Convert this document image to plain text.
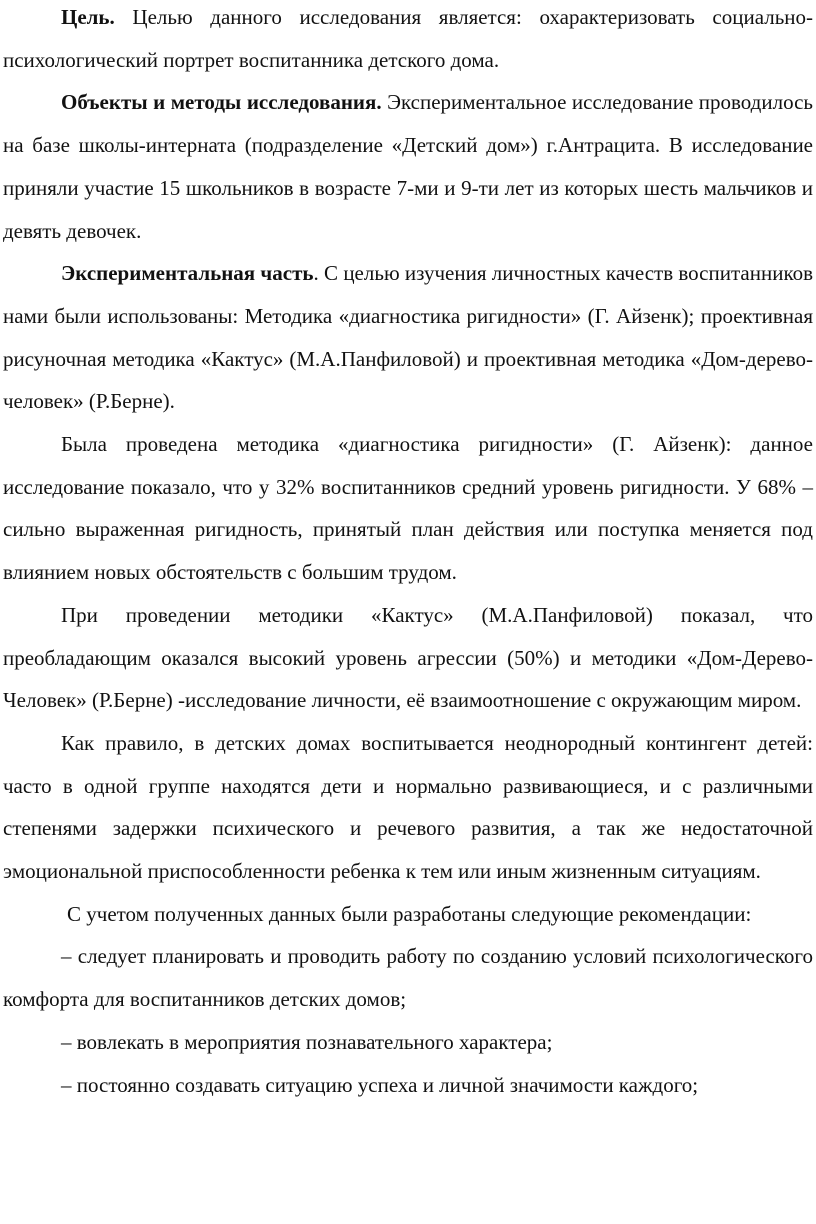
Цель. Целью данного исследования является: охарактеризовать социально-психологический портрет воспитанника детского дома.

Объекты и методы исследования. Экспериментальное исследование проводилось на базе школы-интерната (подразделение «Детский дом») г.Антрацита. В исследование приняли участие 15 школьников в возрасте 7-ми и 9-ти лет из которых шесть мальчиков и девять девочек.

Экспериментальная часть. С целью изучения личностных качеств воспитанников нами были использованы: Методика «диагностика ригидности» (Г. Айзенк); проективная рисуночная методика «Кактус» (М.А.Панфиловой) и проективная методика «Дом-дерево-человек» (Р.Берне).

Была проведена методика «диагностика ригидности» (Г. Айзенк): данное исследование показало, что у 32% воспитанников средний уровень ригидности. У 68% – сильно выраженная ригидность, принятый план действия или поступка меняется под влиянием новых обстоятельств с большим трудом.

При проведении методики «Кактус» (М.А.Панфиловой) показал, что преобладающим оказался высокий уровень агрессии (50%) и методики «Дом-Дерево-Человек» (Р.Берне) -исследование личности, её взаимоотношение с окружающим миром.

Как правило, в детских домах воспитывается неоднородный контингент детей: часто в одной группе находятся дети и нормально развивающиеся, и с различными степенями задержки психического и речевого развития, а так же недостаточной эмоциональной приспособленности ребенка к тем или иным жизненным ситуациям.

С учетом полученных данных были разработаны следующие рекомендации:

– следует планировать и проводить работу по созданию условий психологического комфорта для воспитанников детских домов;

– вовлекать в мероприятия познавательного характера;

– постоянно создавать ситуацию успеха и личной значимости каждого;
